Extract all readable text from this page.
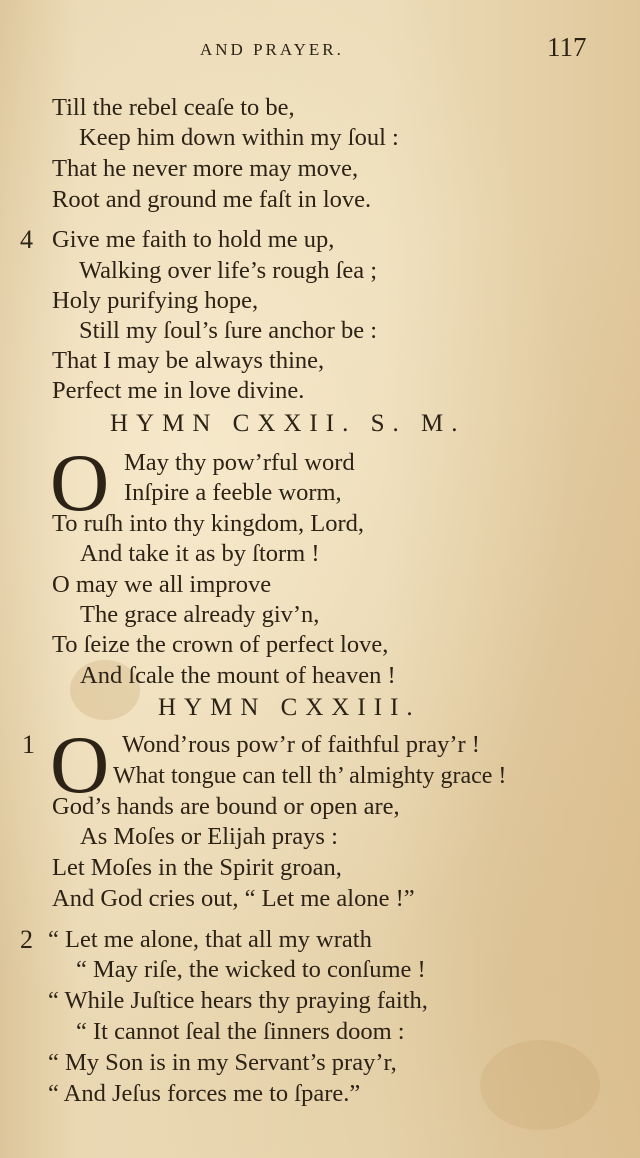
AND PRAYER.	117
Till the rebel ceaſe to be,
Keep him down within my ſoul :
That he never more may move,
Root and ground me faſt in love.
4 Give me faith to hold me up,
Walking over life’s rough ſea ;
Holy purifying hope,
Still my ſoul’s ſure anchor be :
That I may be always thine,
Perfect me in love divine.
HYMN CXXII. S. M.
O May thy pow’rful word
Inſpire a feeble worm,
To ruſh into thy kingdom, Lord,
And take it as by ſtorm !
O may we all improve
The grace already giv’n,
To ſeize the crown of perfect love,
And ſcale the mount of heaven !
HYMN CXXIII.
1 O Wond’rous pow’r of faithful pray’r !
What tongue can tell th’ almighty grace !
God’s hands are bound or open are,
As Moſes or Elijah prays :
Let Moſes in the Spirit groan,
And God cries out, “ Let me alone !”
2 “ Let me alone, that all my wrath
“ May riſe, the wicked to conſume !
“ While Juſtice hears thy praying faith,
“ It cannot ſeal the ſinners doom :
“ My Son is in my Servant’s pray’r,
“ And Jeſus forces me to ſpare.”
